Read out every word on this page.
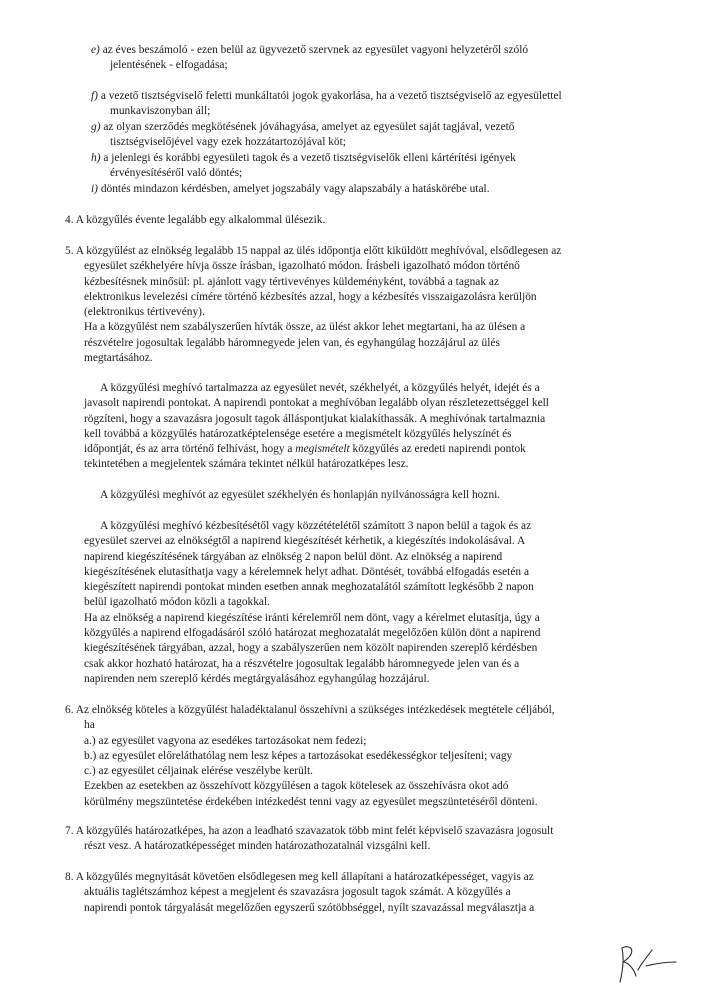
e) az éves beszámoló - ezen belül az ügyvezető szervnek az egyesület vagyoni helyzetéről szóló
jelentésének - elfogadása;
f) a vezető tisztségviselő feletti munkáltatói jogok gyakorlása, ha a vezető tisztségviselő az egyesülettel
munkaviszonyban áll;
g) az olyan szerződés megkötésének jóváhagyása, amelyet az egyesület saját tagjával, vezető
tisztségviselőjével vagy ezek hozzátartozójával köt;
h) a jelenlegi és korábbi egyesületi tagok és a vezető tisztségviselők elleni kártérítési igények
érvényesítéséről való döntés;
i) döntés mindazon kérdésben, amelyet jogszabály vagy alapszabály a hatáskörébe utal.
4. A közgyűlés évente legalább egy alkalommal ülésezik.
5. A közgyűlést az elnökség legalább 15 nappal az ülés időpontja előtt kiküldött meghívóval, elsődlegesen az
egyesület székhelyére hívja össze írásban, igazolható módon. Írásbeli igazolható módon történő
kézbesítésnek minősül: pl. ajánlott vagy tértivevényes küldeményként, továbbá a tagnak az
elektronikus levelezési címére történő kézbesítés azzal, hogy a kézbesítés visszaigazolásra kerüljön
(elektronikus tértivevény).
Ha a közgyűlést nem szabályszerűen hívták össze, az ülést akkor lehet megtartani, ha az ülésen a
részvételre jogosultak legalább háromnegyede jelen van, és egyhangúlag hozzájárul az ülés
megtartásához.
A közgyűlési meghívó tartalmazza az egyesület nevét, székhelyét, a közgyűlés helyét, idejét és a
javasolt napirendi pontokat. A napirendi pontokat a meghívóban legalább olyan részletezettséggel kell
rögzíteni, hogy a szavazásra jogosult tagok álláspontjukat kialakíthassák. A meghívónak tartalmaznia
kell továbbá a közgyűlés határozatképtelensége esetére a megismételt közgyűlés helyszínét és
időpontját, és az arra történő felhívást, hogy a megismételt közgyűlés az eredeti napirendi pontok
tekintetében a megjelentek számára tekintet nélkül határozatképes lesz.
A közgyűlési meghívót az egyesület székhelyén és honlapján nyilvánosságra kell hozni.
A közgyűlési meghívó kézbesítésétől vagy közzétételétől számított 3 napon belül a tagok és az
egyesület szervei az elnökségtől a napirend kiegészítését kérhetik, a kiegészítés indokolásával. A
napirend kiegészítésének tárgyában az elnökség 2 napon belül dönt. Az elnökség a napirend
kiegészítésének elutasíthatja vagy a kérelemnek helyt adhat. Döntését, továbbá elfogadás esetén a
kiegészített napirendi pontokat minden esetben annak meghozatalától számított legkésőbb 2 napon
belül igazolható módon közli a tagokkal.
Ha az elnökség a napirend kiegészítése iránti kérelemről nem dönt, vagy a kérelmet elutasítja, úgy a
közgyűlés a napirend elfogadásáról szóló határozat meghozatalát megelőzően külön dönt a napirend
kiegészítésének tárgyában, azzal, hogy a szabályszerűen nem közölt napirenden szereplő kérdésben
csak akkor hozható határozat, ha a részvételre jogosultak legalább háromnegyede jelen van és a
napirenden nem szereplő kérdés megtárgyalásához egyhangúlag hozzájárul.
6. Az elnökség köteles a közgyűlést haladéktalanul összehívni a szükséges intézkedések megtétele céljából,
ha
a.) az egyesület vagyona az esedékes tartozásokat nem fedezi;
b.) az egyesület előreláthatólag nem lesz képes a tartozásokat esedékességkor teljesíteni; vagy
c.) az egyesület céljainak elérése veszélybe került.
Ezekben az esetekben az összehívott közgyűlésen a tagok kötelesek az összehívásra okot adó
körülmény megszüntetése érdekében intézkedést tenni vagy az egyesület megszüntetéséről dönteni.
7. A közgyűlés határozatképes, ha azon a leadható szavazatok több mint felét képviselő szavazásra jogosult
részt vesz. A határozatképességet minden határozathozatalnál vizsgálni kell.
8. A közgyűlés megnyitását követően elsődlegesen meg kell állapítani a határozatképességet, vagyis az
aktuális taglétszámhoz képest a megjelent és szavazásra jogosult tagok számát. A közgyűlés a
napirendi pontok tárgyalását megelőzően egyszerű szótöbbséggel, nyílt szavazással megválasztja a
